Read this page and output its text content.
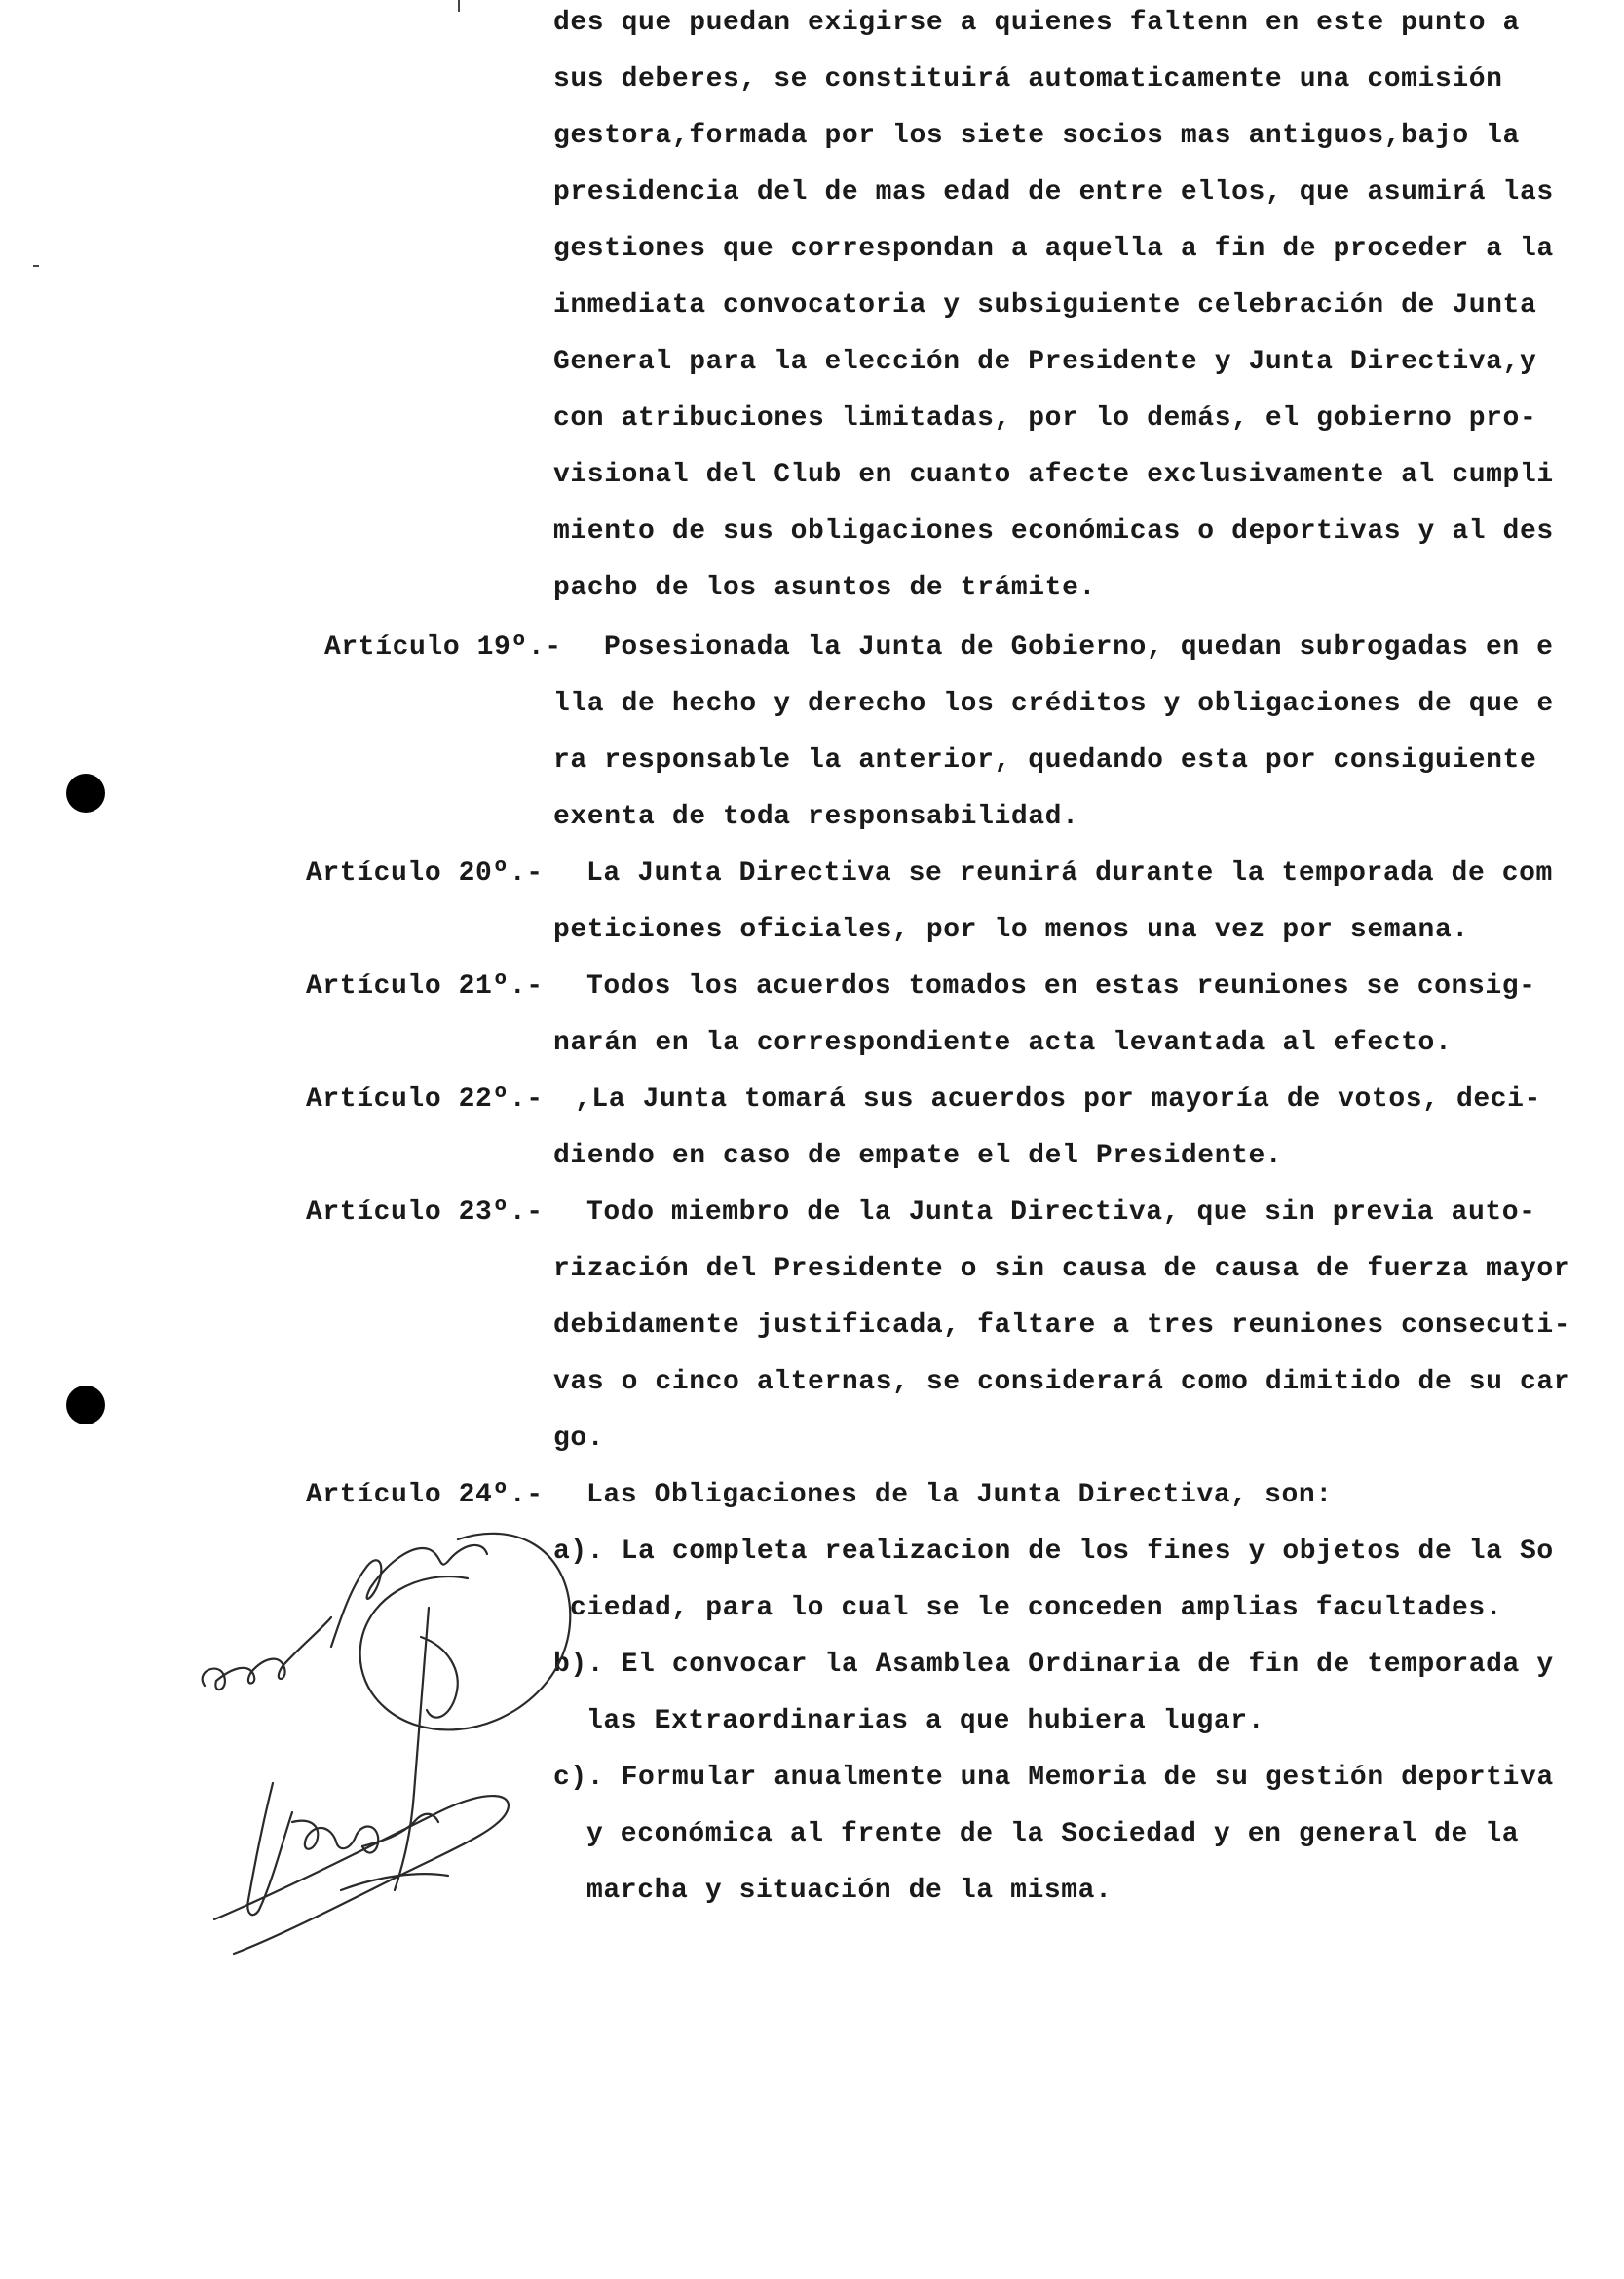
des que puedan exigirse a quienes faltenn en este punto a
sus deberes, se constituirá automaticamente una comisión
gestora,formada por los siete socios mas antiguos,bajo la
presidencia del de mas edad de entre ellos, que asumirá las
gestiones que correspondan a aquella a fin de proceder a la
inmediata convocatoria y subsiguiente celebración de Junta
General para la elección de Presidente y Junta Directiva,y
con atribuciones limitadas, por lo demás, el gobierno pro-
visional del Club en cuanto afecte exclusivamente al cumpli
miento de sus obligaciones económicas o deportivas y al des
pacho de los asuntos de trámite.
Artículo 19º.- Posesionada la Junta de Gobierno, quedan subrogadas en e
lla de hecho y derecho los créditos y obligaciones de que e
ra responsable la anterior, quedando esta por consiguiente
exenta de toda responsabilidad.
Artículo 20º.- La Junta Directiva se reunirá durante la temporada de com
peticiones oficiales, por lo menos una vez por semana.
Artículo 21º.- Todos los acuerdos tomados en estas reuniones se consig-
narán en la correspondiente acta levantada al efecto.
Artículo 22º.- ,La Junta tomará sus acuerdos por mayoría de votos, deci-
diendo en caso de empate el del Presidente.
Artículo 23º.- Todo miembro de la Junta Directiva, que sin previa auto-
rización del Presidente o sin causa de causa de fuerza mayor
debidamente justificada, faltare a tres reuniones consecuti-
vas o cinco alternas, se considerará como dimitido de su car
go.
Artículo 24º.- Las Obligaciones de la Junta Directiva, son:
a). La completa realizacion de los fines y objetos de la So
ciedad, para lo cual se le conceden amplias facultades.
b). El convocar la Asamblea Ordinaria de fin de temporada y
las Extraordinarias a que hubiera lugar.
c). Formular anualmente una Memoria de su gestión deportiva
y económica al frente de la Sociedad y en general de la
marcha y situación de la misma.
